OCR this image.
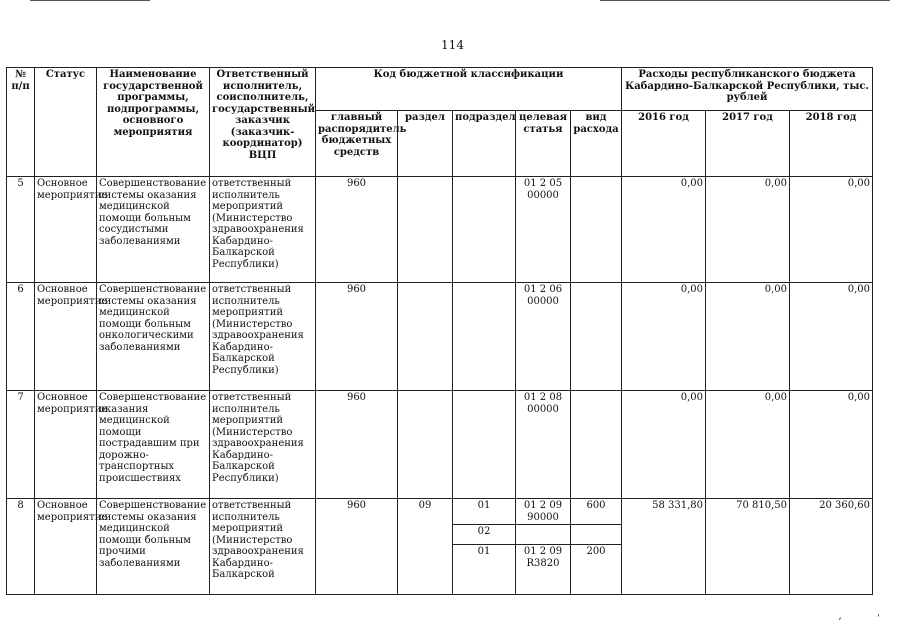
114
№ п/п	Статус	Наименование государственной программы, подпрограммы, основного мероприятия	Ответственный исполнитель, соисполнитель, государственный заказчик (заказчик-координатор) ВЦП	Код бюджетной классификации					Расходы республиканского бюджета Кабардино-Балкарской Республики, тыс. рублей		
				главный распорядитель бюджетных средств	раздел	подраздел	целевая статья	вид расхода	2016 год	2017 год	2018 год
5	Основное мероприятие	Совершенствование системы оказания медицинской помощи больным сосудистыми заболеваниями	ответственный исполнитель мероприятий (Министерство здравоохранения Кабардино-Балкарской Республики)	960			01 2 05 00000		0,00	0,00	0,00
6	Основное мероприятие	Совершенствование системы оказания медицинской помощи больным онкологическими заболеваниями	ответственный исполнитель мероприятий (Министерство здравоохранения Кабардино-Балкарской Республики)	960			01 2 06 00000		0,00	0,00	0,00
7	Основное мероприятие	Совершенствование оказания медицинской помощи пострадавшим при дорожно-транспортных происшествиях	ответственный исполнитель мероприятий (Министерство здравоохранения Кабардино-Балкарской Республики)	960			01 2 08 00000		0,00	0,00	0,00
8	Основное мероприятие	Совершенствование системы оказания медицинской помощи больным прочими заболеваниями	ответственный исполнитель мероприятий (Министерство здравоохранения Кабардино-Балкарской	960	09	01	01 2 09 90000	600	58 331,80	70 810,50	20 360,60
						02					
						01	01 2 09 R3820	200			
ʼ	ˈ
